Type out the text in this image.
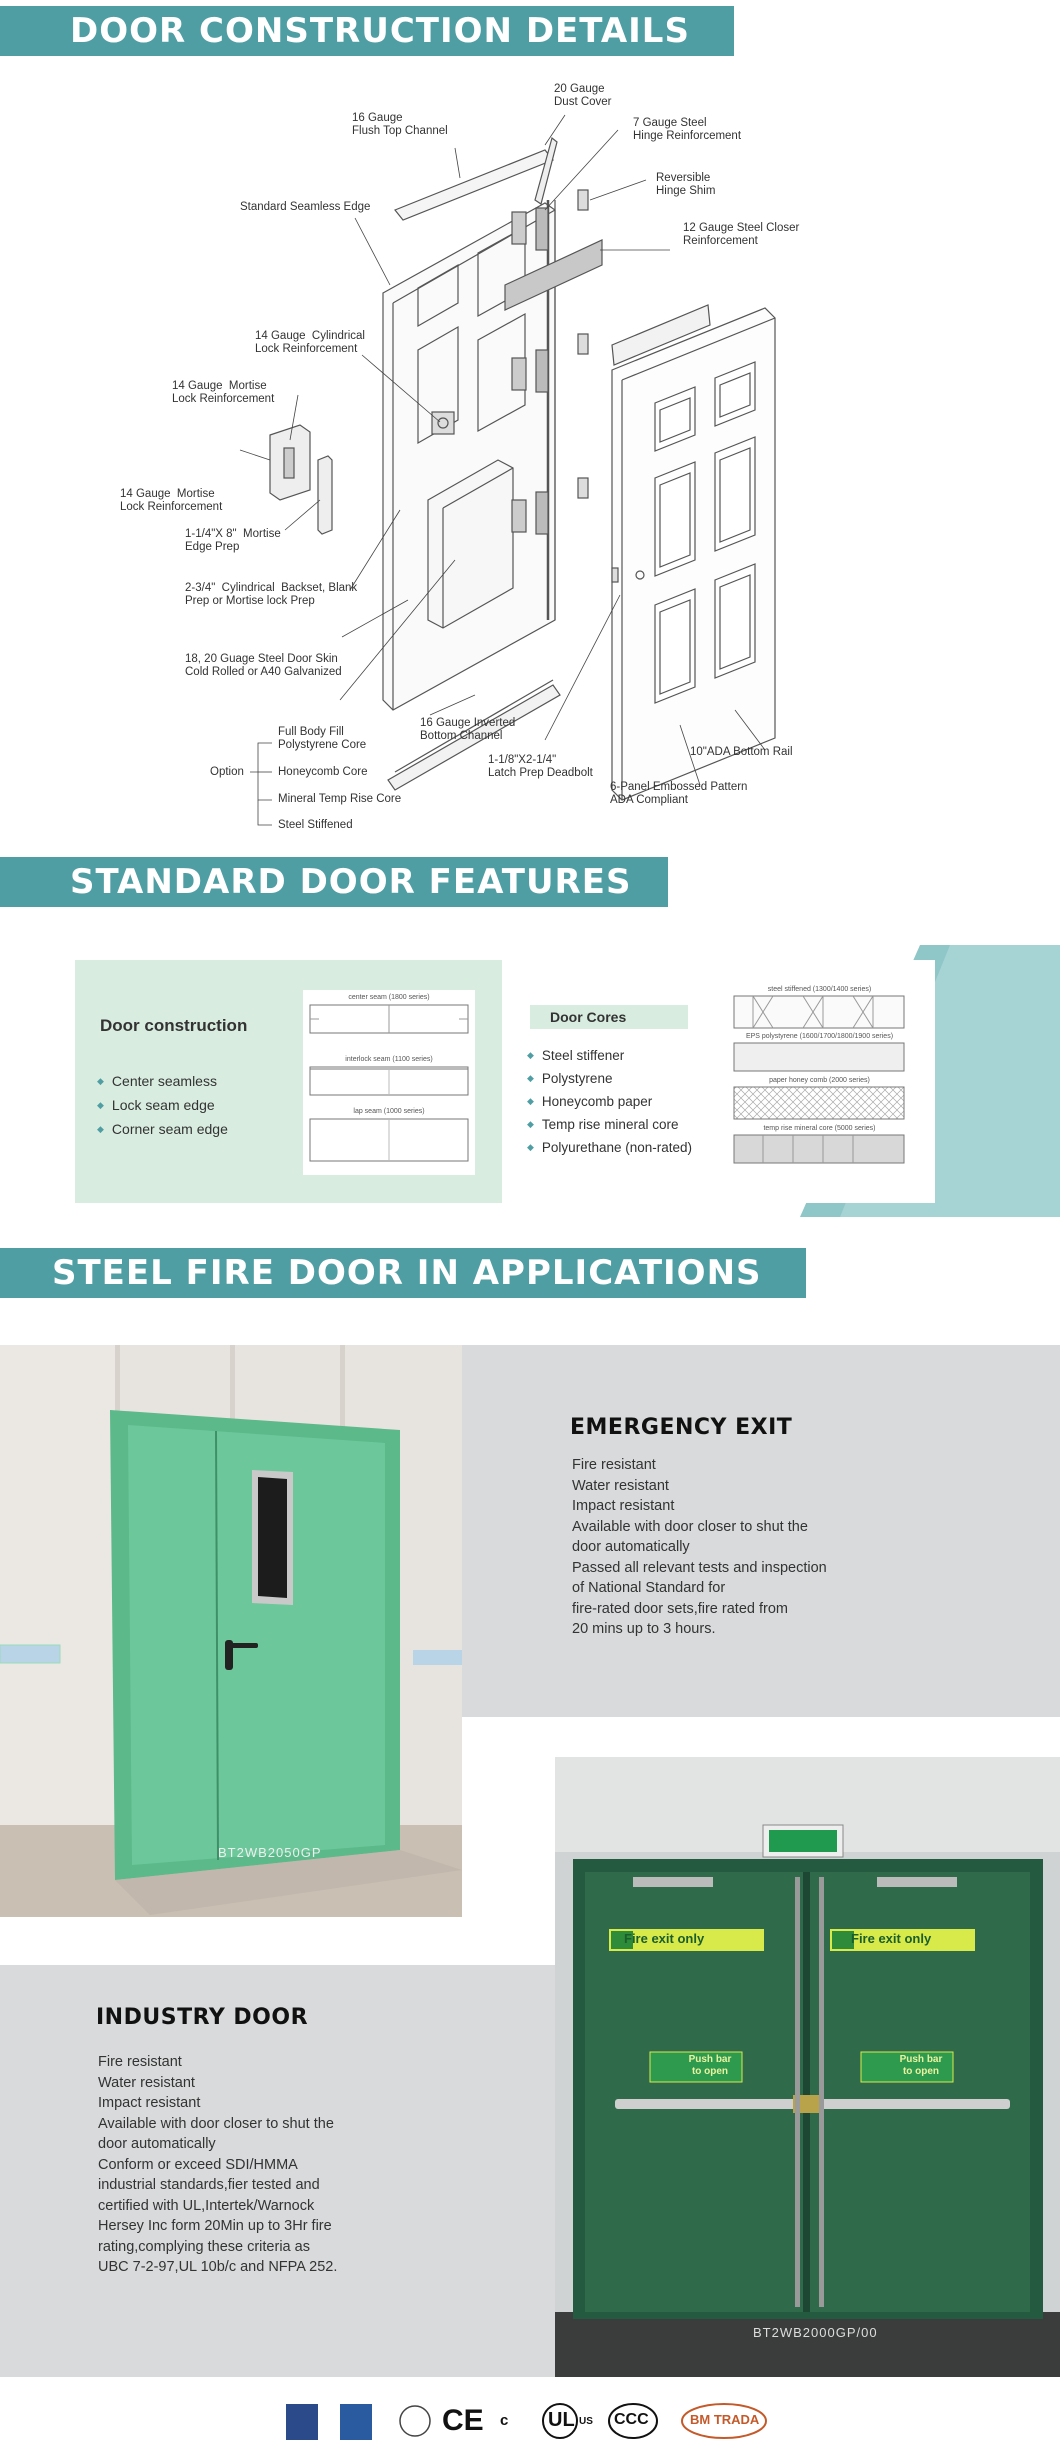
DOOR CONSTRUCTION DETAILS
20 Gauge
Dust Cover
16 Gauge
Flush Top Channel
7 Gauge Steel
Hinge Reinforcement
Standard Seamless Edge
Reversible
Hinge Shim
12 Gauge Steel Closer
Reinforcement
14 Gauge  Cylindrical
Lock Reinforcement
14 Gauge  Mortise
Lock Reinforcement
14 Gauge  Mortise
Lock Reinforcement
1-1/4"X 8"  Mortise
Edge Prep
2-3/4"  Cylindrical  Backset, Blank
Prep or Mortise lock Prep
18, 20 Guage Steel Door Skin
Cold Rolled or A40 Galvanized
Option
Full Body Fill
Polystyrene Core
Honeycomb Core
Mineral Temp Rise Core
Steel Stiffened
16 Gauge Inverted
Bottom Channel
1-1/8"X2-1/4"
Latch Prep Deadbolt
6-Panel Embossed Pattern
ADA Compliant
10"ADA Bottom Rail
STANDARD DOOR FEATURES
Door construction
◆ Center seamless
◆ Lock seam edge
◆ Corner seam edge
center seam (1800 series)
interlock seam (1100 series)
lap seam (1000 series)
Door Cores
◆ Steel stiffener
◆ Polystyrene
◆ Honeycomb paper
◆ Temp rise mineral core
◆ Polyurethane (non-rated)
steel stiffened (1300/1400 series)
EPS polystyrene (1600/1700/1800/1900 series)
paper honey comb (2000 series)
temp rise mineral core (5000 series)
STEEL FIRE DOOR IN APPLICATIONS
BT2WB2050GP
EMERGENCY EXIT

Fire resistant

Water resistant

Impact resistant

Available with door closer to shut the

door automatically

Passed all relevant tests and inspection

of National Standard for

fire-rated door sets,fire rated from

20 mins up to 3 hours.

Fire exit only	Fire exit only
Push bar
to open
Push bar
to open
BT2WB2000GP/00
INDUSTRY DOOR

Fire resistant

Water resistant

Impact resistant

Available with door closer to shut the

door automatically

Conform or exceed SDI/HMMA

industrial standards,fier tested and

certified with UL,Intertek/Warnock

Hersey Inc form 20Min up to 3Hr fire

rating,complying these criteria as

UBC 7-2-97,UL 10b/c and NFPA 252.

CE c UL US CCC	BM TRADA
